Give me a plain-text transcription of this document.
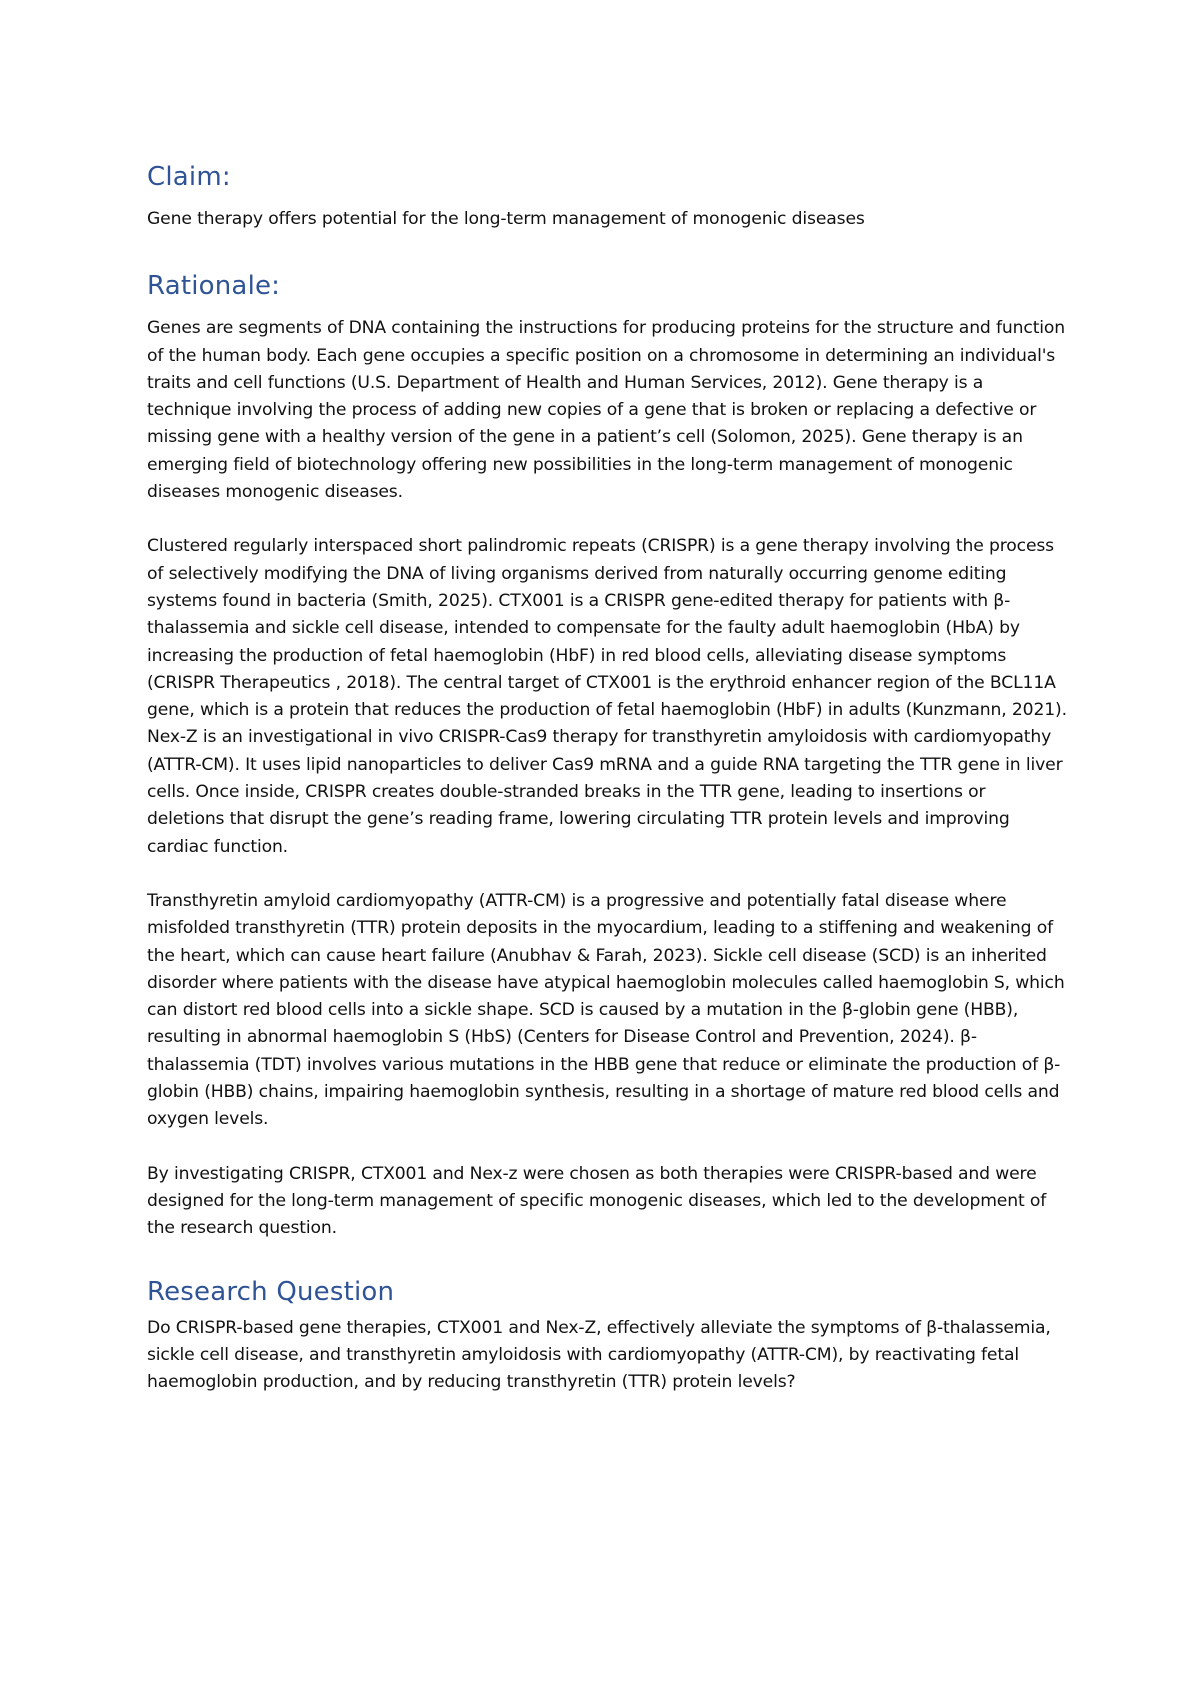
Claim:

Gene therapy offers potential for the long-term management of monogenic diseases

Rationale:

Genes are segments of DNA containing the instructions for producing proteins for the structure and function of the human body. Each gene occupies a specific position on a chromosome in determining an individual's traits and cell functions (U.S. Department of Health and Human Services, 2012). Gene therapy is a technique involving the process of adding new copies of a gene that is broken or replacing a defective or missing gene with a healthy version of the gene in a patient’s cell (Solomon, 2025). Gene therapy is an emerging field of biotechnology offering new possibilities in the long-term management of monogenic diseases monogenic diseases.

Clustered regularly interspaced short palindromic repeats (CRISPR) is a gene therapy involving the process of selectively modifying the DNA of living organisms derived from naturally occurring genome editing systems found in bacteria (Smith, 2025). CTX001 is a CRISPR gene-edited therapy for patients with β-thalassemia and sickle cell disease, intended to compensate for the faulty adult haemoglobin (HbA) by increasing the production of fetal haemoglobin (HbF) in red blood cells, alleviating disease symptoms (CRISPR Therapeutics , 2018). The central target of CTX001 is the erythroid enhancer region of the BCL11A gene, which is a protein that reduces the production of fetal haemoglobin (HbF) in adults (Kunzmann, 2021). Nex-Z is an investigational in vivo CRISPR-Cas9 therapy for transthyretin amyloidosis with cardiomyopathy (ATTR-CM). It uses lipid nanoparticles to deliver Cas9 mRNA and a guide RNA targeting the TTR gene in liver cells. Once inside, CRISPR creates double-stranded breaks in the TTR gene, leading to insertions or deletions that disrupt the gene’s reading frame, lowering circulating TTR protein levels and improving cardiac function.

Transthyretin amyloid cardiomyopathy (ATTR-CM) is a progressive and potentially fatal disease where misfolded transthyretin (TTR) protein deposits in the myocardium, leading to a stiffening and weakening of the heart, which can cause heart failure (Anubhav & Farah, 2023). Sickle cell disease (SCD) is an inherited disorder where patients with the disease have atypical haemoglobin molecules called haemoglobin S, which can distort red blood cells into a sickle shape. SCD is caused by a mutation in the β-globin gene (HBB), resulting in abnormal haemoglobin S (HbS) (Centers for Disease Control and Prevention, 2024). β-thalassemia (TDT) involves various mutations in the HBB gene that reduce or eliminate the production of β-globin (HBB) chains, impairing haemoglobin synthesis, resulting in a shortage of mature red blood cells and oxygen levels.

By investigating CRISPR, CTX001 and Nex-z were chosen as both therapies were CRISPR-based and were designed for the long-term management of specific monogenic diseases, which led to the development of the research question.

Research Question

Do CRISPR-based gene therapies, CTX001 and Nex-Z, effectively alleviate the symptoms of β-thalassemia, sickle cell disease, and transthyretin amyloidosis with cardiomyopathy (ATTR-CM), by reactivating fetal haemoglobin production, and by reducing transthyretin (TTR) protein levels?
